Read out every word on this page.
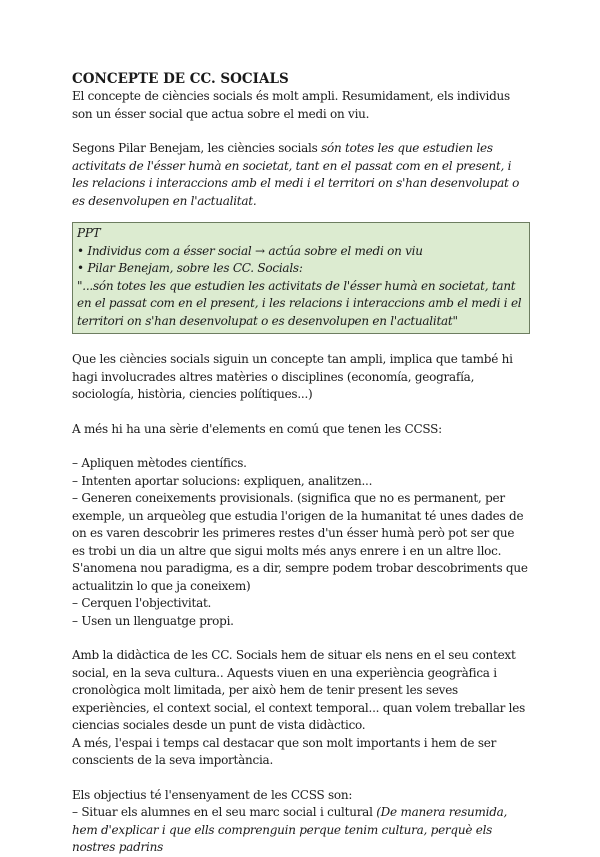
CONCEPTE DE CC. SOCIALS

El concepte de ciències socials és molt ampli. Resumidament, els individus son un ésser social que actua sobre el medi on viu.

Segons Pilar Benejam, les ciències socials són totes les que estudien les activitats de l'ésser humà en societat, tant en el passat com en el present, i les relacions i interaccions amb el medi i el territori on s'han desenvolupat o es desenvolupen en l'actualitat.

PPT
• Individus com a ésser social → actúa sobre el medi on viu
• Pilar Benejam, sobre les CC. Socials:
"...són totes les que estudien les activitats de l'ésser humà en societat, tant en el passat com en el present, i les relacions i interaccions amb el medi i el territori on s'han desenvolupat o es desenvolupen en l'actualitat"

Que les ciències socials siguin un concepte tan ampli, implica que també hi hagi involucrades altres matèries o disciplines (economía, geografía, sociología, història, ciencies polítiques...)

A més hi ha una sèrie d'elements en comú que tenen les CCSS:

– Apliquen mètodes científics.
– Intenten aportar solucions: expliquen, analitzen...
– Generen coneixements provisionals. (significa que no es permanent, per exemple, un arqueòleg que estudia l'origen de la humanitat té unes dades de on es varen descobrir les primeres restes d'un ésser humà però pot ser que es trobi un dia un altre que sigui molts més anys enrere i en un altre lloc. S'anomena nou paradigma, es a dir, sempre podem trobar descobriments que actualitzin lo que ja coneixem)
– Cerquen l'objectivitat.
– Usen un llenguatge propi.

Amb la didàctica de les CC. Socials hem de situar els nens en el seu context social, en la seva cultura.. Aquests viuen en una experiència geogràfica i cronològica molt limitada, per això hem de tenir present les seves experiències, el context social, el context temporal... quan volem treballar les ciencias sociales desde un punt de vista didàctico.

A més, l'espai i temps cal destacar que son molt importants i hem de ser conscients de la seva importància.

Els objectius té l'ensenyament de les CCSS son:

– Situar els alumnes en el seu marc social i cultural (De manera resumida, hem d'explicar i que ells comprenguin perque tenim cultura, perquè els nostres padrins
